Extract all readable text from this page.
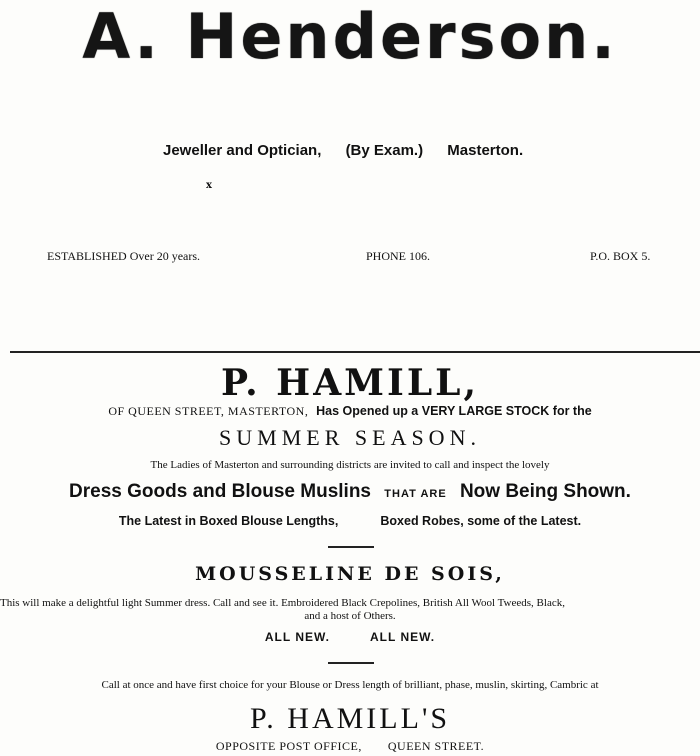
A. Henderson.
Jeweller and Optician, (By Exam.) Masterton.
x
ESTABLISHED Over 20 years.	PHONE 106.	P.O. BOX 5.
P. HAMILL,
OF QUEEN STREET, MASTERTON, Has Opened up a VERY LARGE STOCK for the
SUMMER SEASON.
The Ladies of Masterton and surrounding districts are invited to call and inspect the lovely
Dress Goods and Blouse Muslins THAT ARE Now Being Shown.
The Latest in Boxed Blouse Lengths,	Boxed Robes, some of the Latest.
MOUSSELINE DE SOIS,
This will make a delightful light Summer dress. Call and see it. Embroidered Black Crepolines, British All Wool Tweeds, Black,
and a host of Others.
ALL NEW.	ALL NEW.
Call at once and have first choice for your Blouse or Dress length of brilliant, phase, muslin, skirting, Cambric at
P. HAMILL'S
OPPOSITE POST OFFICE, QUEEN STREET.
